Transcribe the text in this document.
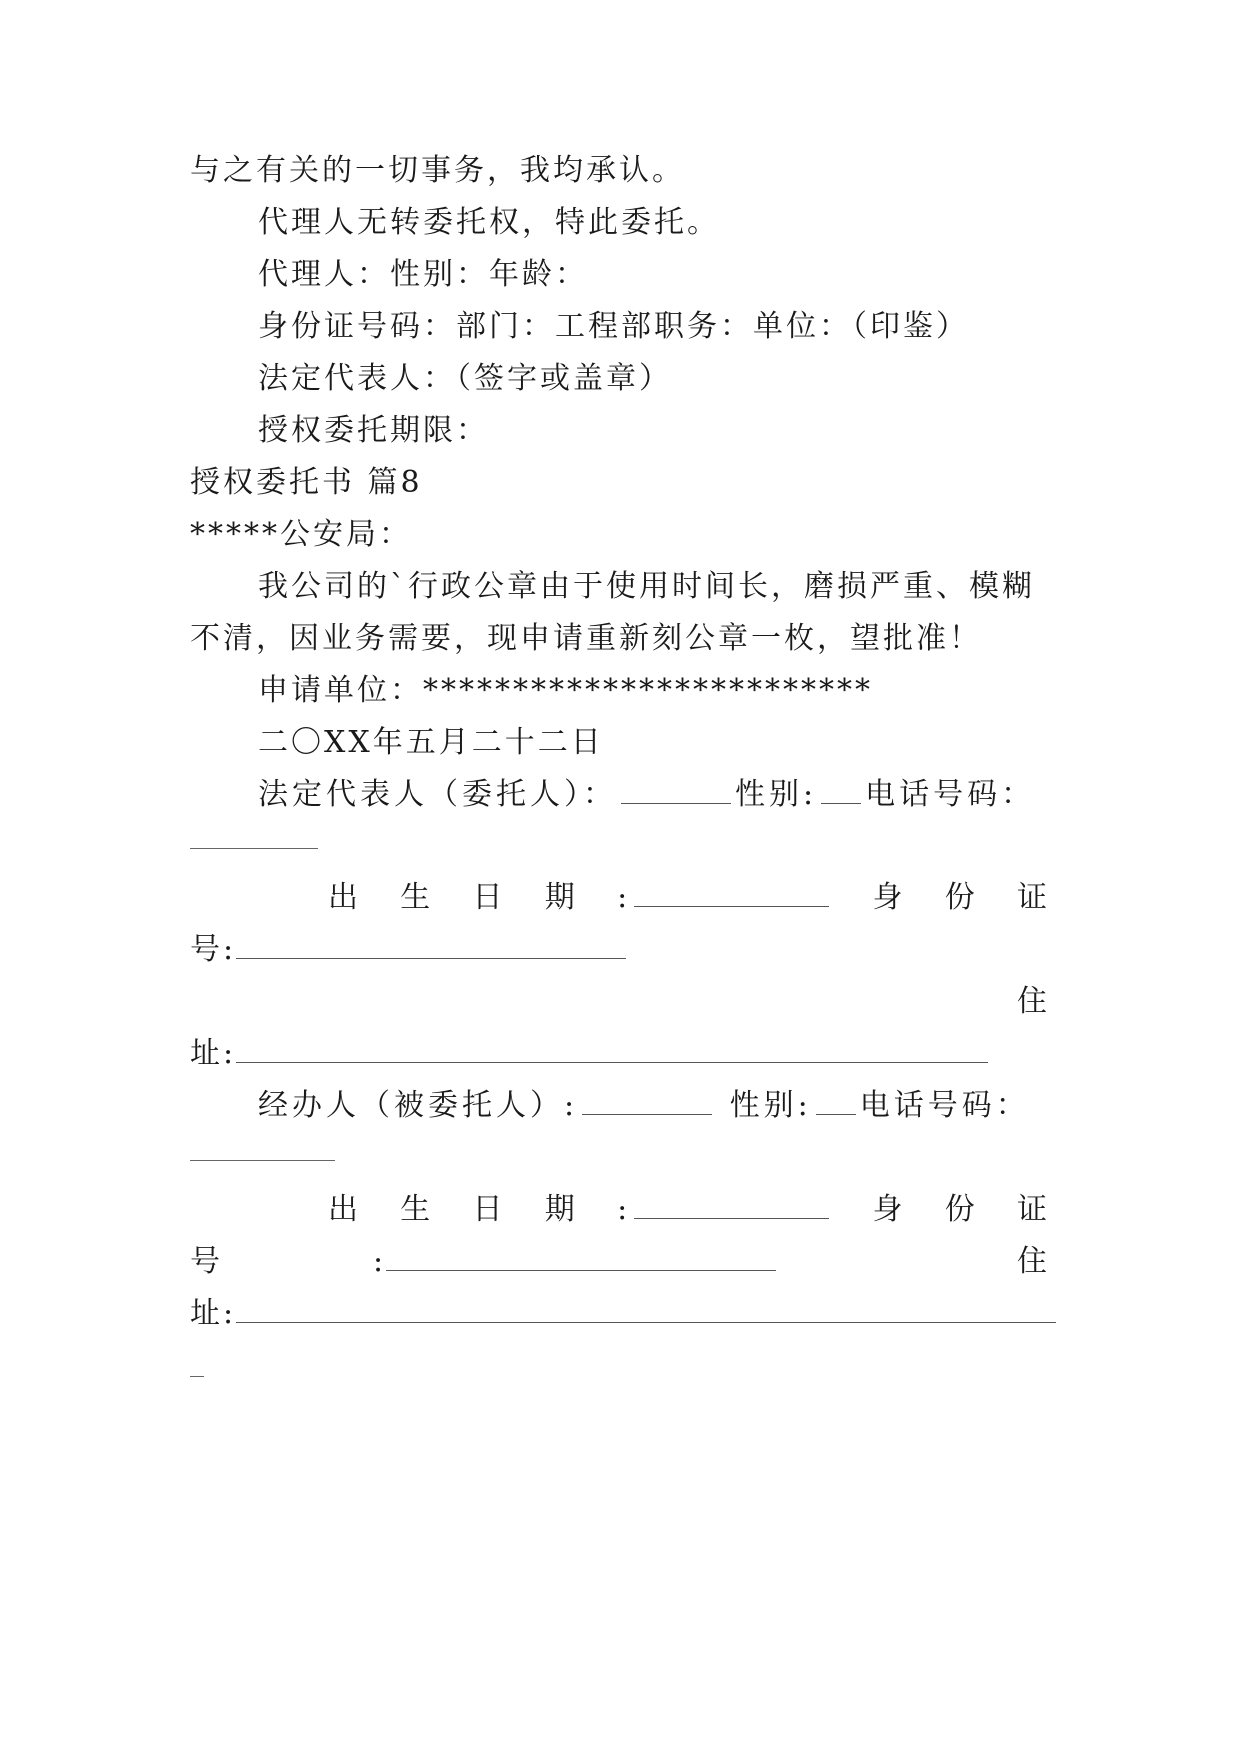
与之有关的一切事务，我均承认。
代理人无转委托权，特此委托。
代理人：性别：年龄：
身份证号码：部门：工程部职务：单位：（印鉴）
法定代表人：（签字或盖章）
授权委托期限：
授权委托书 篇8
*****公安局：
我公司的`行政公章由于使用时间长，磨损严重、模糊
不清，因业务需要，现申请重新刻公章一枚，望批准！
申请单位：*************************
二〇XX年五月二十二日
法定代表人（委托人）：	性别: 电话号码：
出 生 日 期 :	身 份 证
号:
住
址:
经办人（被委托人）:	性别: 电话号码：
出 生 日 期 :	身 份 证
号	:	住
址:
